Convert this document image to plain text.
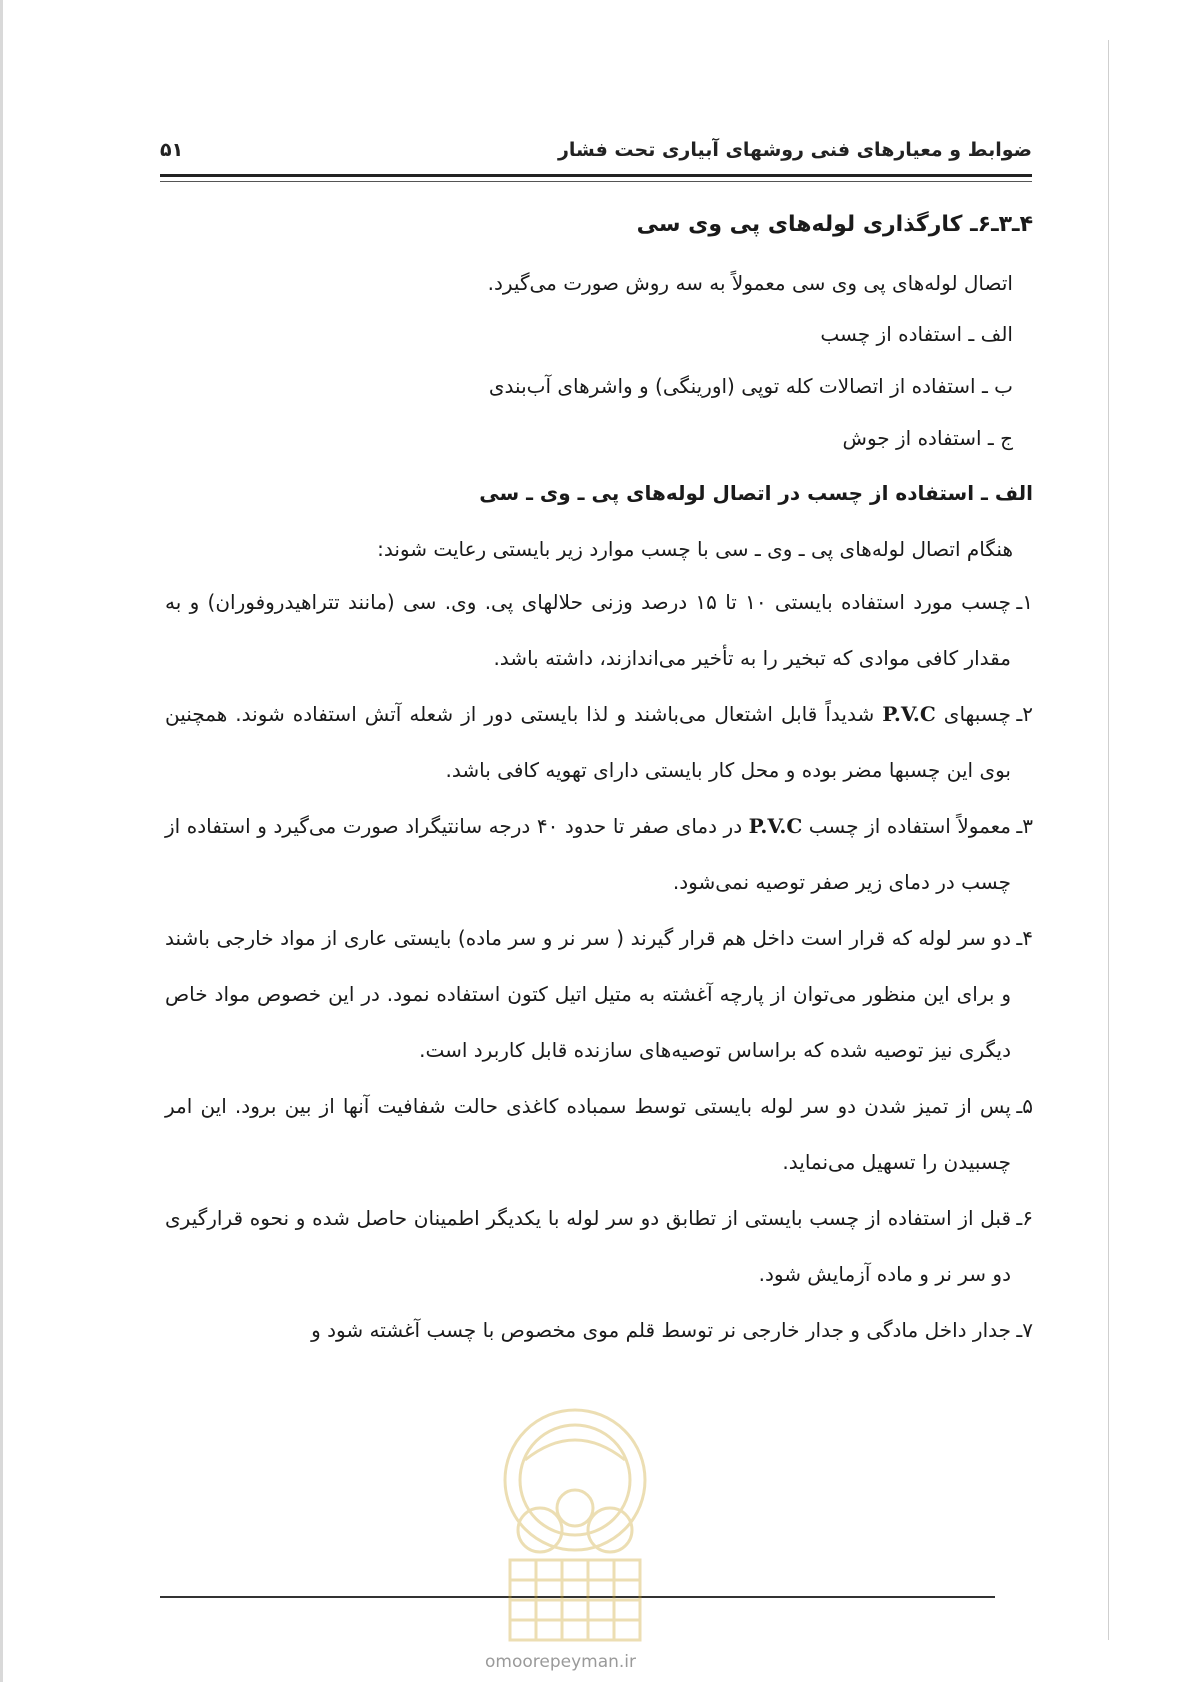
ضوابط و معیارهای فنی روشهای آبیاری تحت فشار
۵۱
۴ـ۳ـ۶ـ کارگذاری لوله‌های پی وی سی

اتصال لوله‌های پی وی سی معمولاً به سه روش صورت می‌گیرد.

الف ـ استفاده از چسب

ب ـ استفاده از اتصالات کله توپی (اورینگی) و واشرهای آب‌بندی

ج ـ استفاده از جوش

الف ـ استفاده از چسب در اتصال لوله‌های پی ـ وی ـ سی

هنگام اتصال لوله‌های پی ـ وی ـ سی با چسب موارد زیر بایستی رعایت شوند:

۱ـ
چسب مورد استفاده بایستی ۱۰ تا ۱۵ درصد وزنی حلالهای پی. وی. سی (مانند تتراهیدروفوران) و به مقدار کافی موادی که تبخیر را به تأخیر می‌اندازند، داشته باشد.

۲ـ
چسبهای P.V.C شدیداً قابل اشتعال می‌باشند و لذا بایستی دور از شعله آتش استفاده شوند. همچنین بوی این چسبها مضر بوده و محل کار بایستی دارای تهویه کافی باشد.

۳ـ
معمولاً استفاده از چسب P.V.C در دمای صفر تا حدود ۴۰ درجه سانتیگراد صورت می‌گیرد و استفاده از چسب در دمای زیر صفر توصیه نمی‌شود.

۴ـ
دو سر لوله که قرار است داخل هم قرار گیرند ( سر نر و سر ماده) بایستی عاری از مواد خارجی باشند و برای این منظور می‌توان از پارچه آغشته به متیل اتیل کتون استفاده نمود. در این خصوص مواد خاص دیگری نیز توصیه شده که براساس توصیه‌های سازنده قابل کاربرد است.

۵ـ
پس از تمیز شدن دو سر لوله بایستی توسط سمباده کاغذی حالت شفافیت آنها از بین برود. این امر چسبیدن را تسهیل می‌نماید.

۶ـ
قبل از استفاده از چسب بایستی از تطابق دو سر لوله با یکدیگر اطمینان حاصل شده و نحوه قرارگیری دو سر نر و ماده آزمایش شود.

۷ـ
جدار داخل مادگی و جدار خارجی نر توسط قلم موی مخصوص با چسب آغشته شود و

omoorepeyman.ir
